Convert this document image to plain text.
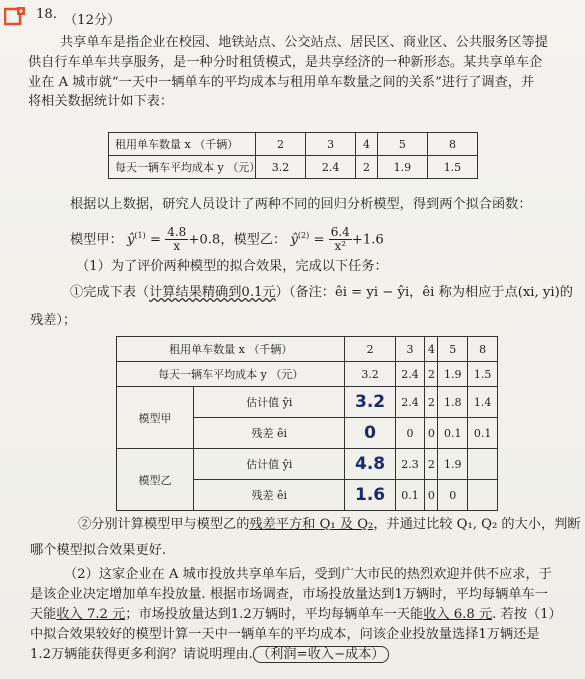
18. （12分）
共享单车是指企业在校园、地铁站点、公交站点、居民区、商业区、公共服务区等提
供自行车单车共享服务，是一种分时租赁模式，是共享经济的一种新形态。某共享单车企
业在 A 城市就“一天中一辆单车的平均成本与租用单车数量之间的关系”进行了调查，并
将相关数据统计如下表：
租用单车数量 x （千辆）	2	3	4	5	8
每天一辆车平均成本 y （元）	3.2	2.4	2	1.9	1.5
根据以上数据，研究人员设计了两种不同的回归分析模型，得到两个拟合函数：
模型甲： $ŷ^{(1)} = \frac{4.8}{x} +0.8$，模型乙： $ŷ^{(2)} = \frac{6.4}{\text{x²}} +1.6$
（1）为了评价两种模型的拟合效果，完成以下任务：
①完成下表（计算结果精确到0.1元）（备注：êi = yi − ŷi，êi 称为相应于点(xi, yi)的
残差）；
租用单车数量 x （千辆）		2	3	4	5	8
每天一辆车平均成本 y （元）		3.2	2.4	2	1.9	1.5
模型甲	估计值 ŷi	3.2	2.4	2	1.8	1.4
	残差 êi	0	0	0	0.1	0.1
模型乙	估计值 ŷi	4.8	2.3	2	1.9	
	残差 êi	1.6	0.1	0	0	
②分别计算模型甲与模型乙的残差平方和 Q₁ 及 Q₂，并通过比较 Q₁, Q₂ 的大小，判断
哪个模型拟合效果更好.
（2）这家企业在 A 城市投放共享单车后，受到广大市民的热烈欢迎并供不应求，于
是该企业决定增加单车投放量. 根据市场调查，市场投放量达到1万辆时，平均每辆单车一
天能收入 7.2 元；市场投放量达到1.2万辆时，平均每辆单车一天能收入 6.8 元. 若按（1）
中拟合效果较好的模型计算一天中一辆单车的平均成本，问该企业投放量选择1万辆还是
1.2万辆能获得更多利润？请说明理由. （利润=收入−成本）
